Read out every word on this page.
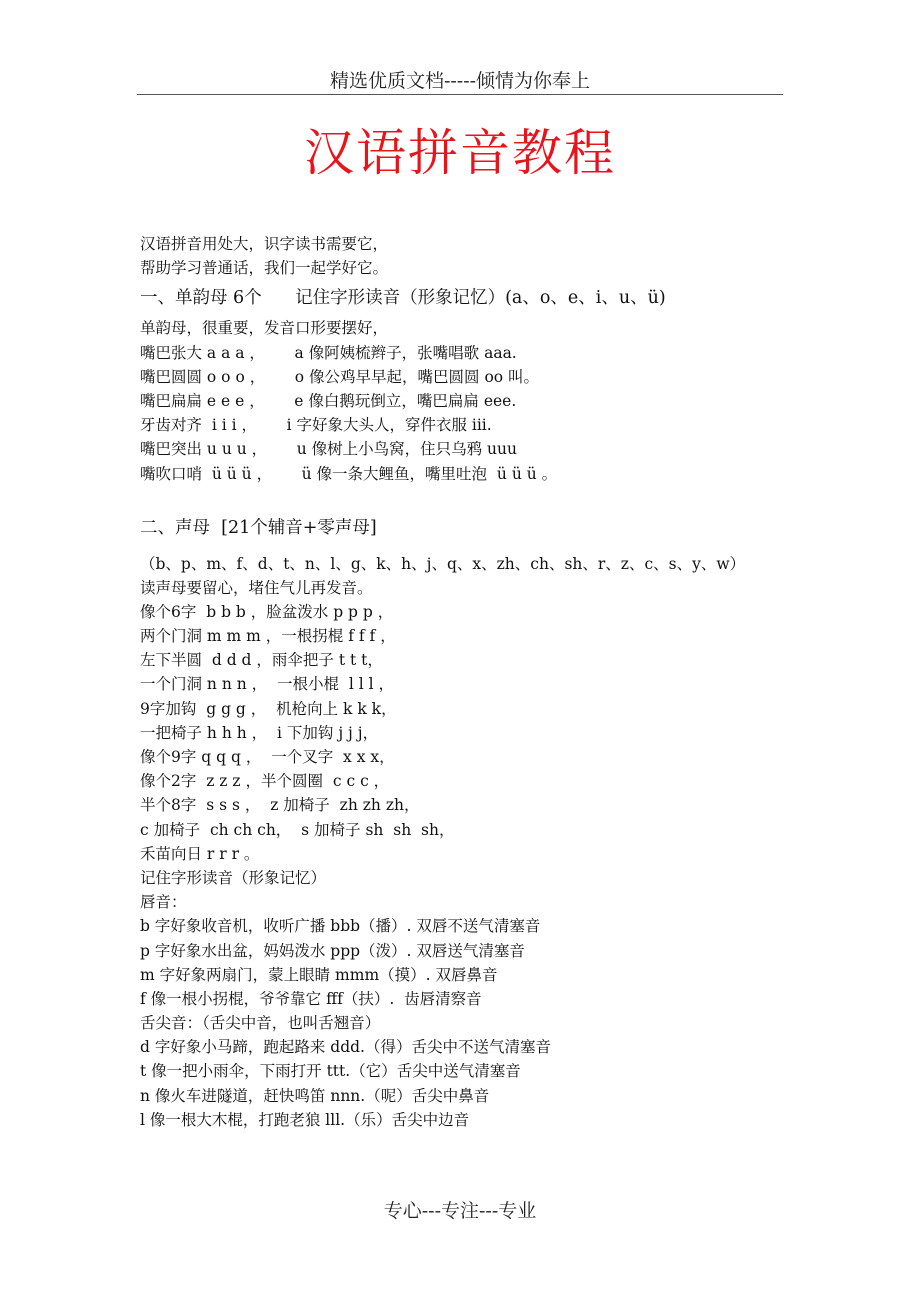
精选优质文档-----倾情为你奉上
汉语拼音教程
汉语拼音用处大，识字读书需要它，
帮助学习普通话，我们一起学好它。
一、单韵母 6个      记住字形读音（形象记忆）(a、o、e、i、u、ü)
单韵母，很重要，发音口形要摆好，
嘴巴张大 a a a ，      a 像阿姨梳辫子，张嘴唱歌 aaa.
嘴巴圆圆 o o o ，      o 像公鸡早早起，嘴巴圆圆 oo 叫。
嘴巴扁扁 e e e ，      e 像白鹅玩倒立，嘴巴扁扁 eee.
牙齿对齐  i i i ，      i 字好象大头人，穿件衣服 iii.
嘴巴突出 u u u ，      u 像树上小鸟窝，住只乌鸦 uuu
嘴吹口哨  ü ü ü ，      ü 像一条大鲤鱼，嘴里吐泡  ü ü ü 。
二、声母  [21个辅音+零声母]
（b、p、m、f、d、t、n、l、g、k、h、j、q、x、zh、ch、sh、r、z、c、s、y、w）
读声母要留心，堵住气儿再发音。
像个6字  b b b ，脸盆泼水 p p p ，
两个门洞 m m m ，一根拐棍 f f f ，
左下半圆  d d d ，雨伞把子 t t t，
一个门洞 n n n ，  一根小棍  l l l ，
9字加钩  g g g ，  机枪向上 k k k，
一把椅子 h h h ，  i 下加钩 j j j，
像个9字 q q q ，  一个叉字  x x x，
像个2字  z z z ，半个圆圈  c c c ，
半个8字  s s s ，  z 加椅子  zh zh zh，
c 加椅子  ch ch ch，  s 加椅子 sh  sh  sh，
禾苗向日 r r r 。
记住字形读音（形象记忆）
唇音：
b 字好象收音机，收听广播 bbb（播）. 双唇不送气清塞音
p 字好象水出盆，妈妈泼水 ppp（泼）. 双唇送气清塞音
m 字好象两扇门，蒙上眼睛 mmm（摸）. 双唇鼻音
f 像一根小拐棍，爷爷靠它 fff（扶）.  齿唇清察音
舌尖音：（舌尖中音，也叫舌翘音）
d 字好象小马蹄，跑起路来 ddd.（得）舌尖中不送气清塞音
t 像一把小雨伞，下雨打开 ttt.（它）舌尖中送气清塞音
n 像火车进隧道，赶快鸣笛 nnn.（呢）舌尖中鼻音
l 像一根大木棍，打跑老狼 lll.（乐）舌尖中边音
专心---专注---专业
